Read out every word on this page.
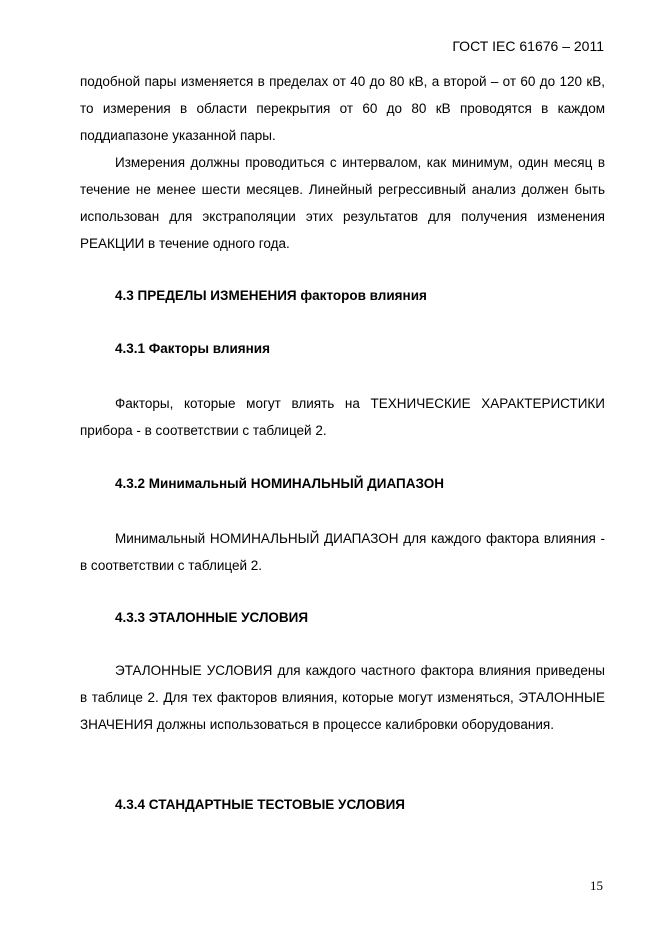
ГОСТ IEC 61676 – 2011

подобной пары изменяется в пределах от 40 до 80 кВ, а второй – от 60 до 120 кВ, то измерения в области перекрытия от 60 до 80 кВ проводятся в каждом поддиапазоне указанной пары.

Измерения должны проводиться с интервалом, как минимум, один месяц в течение не менее шести месяцев. Линейный регрессивный анализ должен быть использован для экстраполяции этих результатов для получения изменения РЕАКЦИИ в течение одного года.

4.3 ПРЕДЕЛЫ ИЗМЕНЕНИЯ факторов влияния
4.3.1 Факторы влияния

Факторы, которые могут влиять на ТЕХНИЧЕСКИЕ ХАРАКТЕРИСТИКИ прибора - в соответствии с таблицей 2.

4.3.2 Минимальный НОМИНАЛЬНЫЙ ДИАПАЗОН

Минимальный НОМИНАЛЬНЫЙ ДИАПАЗОН для каждого фактора влияния - в соответствии с таблицей 2.

4.3.3 ЭТАЛОННЫЕ УСЛОВИЯ

ЭТАЛОННЫЕ УСЛОВИЯ для каждого частного фактора влияния приведены в таблице 2. Для тех факторов влияния, которые могут изменяться, ЭТАЛОННЫЕ ЗНАЧЕНИЯ должны использоваться в процессе калибровки оборудования.

4.3.4 СТАНДАРТНЫЕ ТЕСТОВЫЕ УСЛОВИЯ
15
